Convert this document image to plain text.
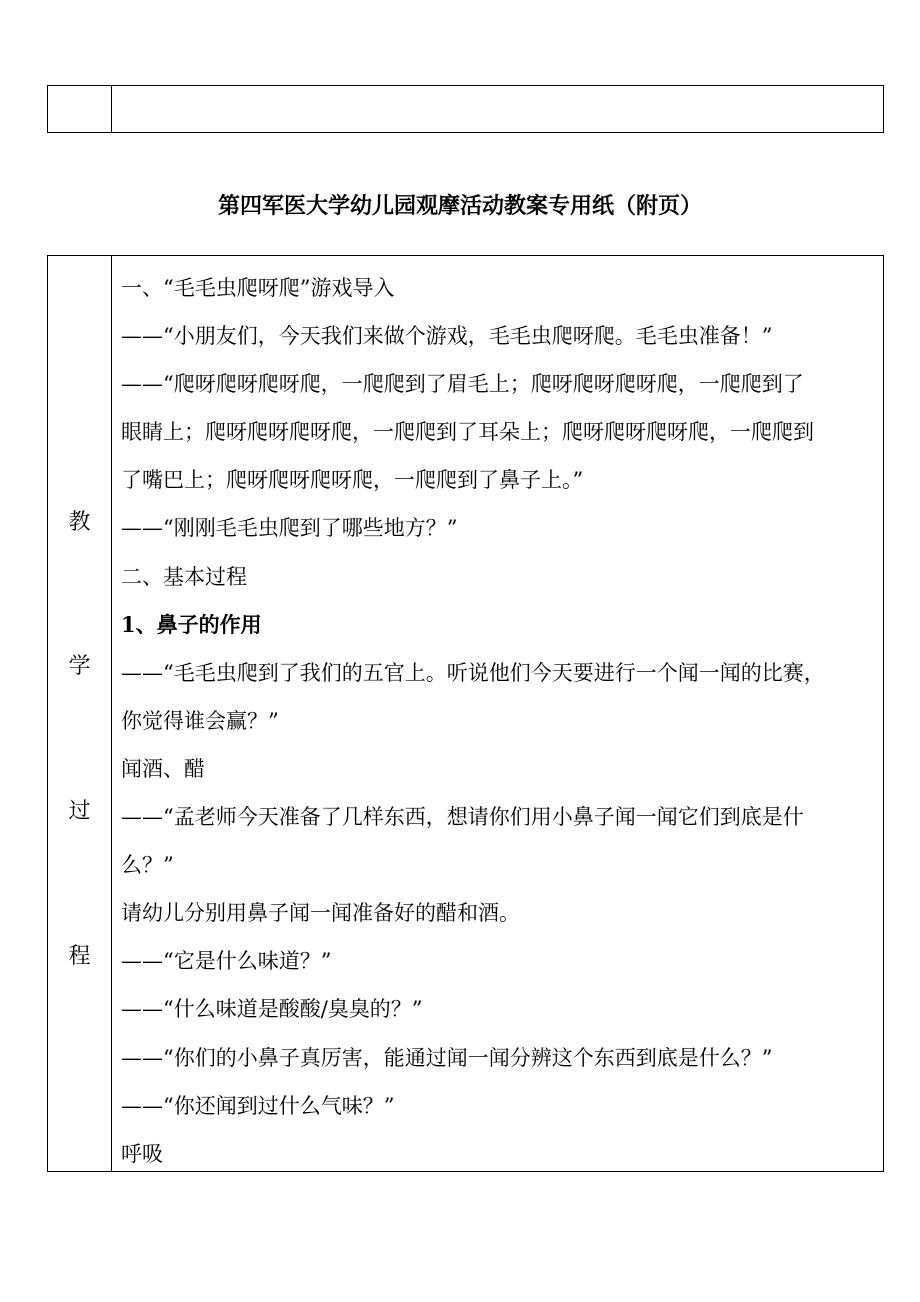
第四军医大学幼儿园观摩活动教案专用纸（附页）
教
学
过
程
一、“毛毛虫爬呀爬”游戏导入
——“小朋友们，今天我们来做个游戏，毛毛虫爬呀爬。毛毛虫准备！”
——“爬呀爬呀爬呀爬，一爬爬到了眉毛上；爬呀爬呀爬呀爬，一爬爬到了
眼睛上；爬呀爬呀爬呀爬，一爬爬到了耳朵上；爬呀爬呀爬呀爬，一爬爬到
了嘴巴上；爬呀爬呀爬呀爬，一爬爬到了鼻子上。”
——“刚刚毛毛虫爬到了哪些地方？”
二、基本过程
1、鼻子的作用
——“毛毛虫爬到了我们的五官上。听说他们今天要进行一个闻一闻的比赛，
你觉得谁会赢？”
闻酒、醋
——“孟老师今天准备了几样东西，想请你们用小鼻子闻一闻它们到底是什
么？”
请幼儿分别用鼻子闻一闻准备好的醋和酒。
——“它是什么味道？”
——“什么味道是酸酸/臭臭的？”
——“你们的小鼻子真厉害，能通过闻一闻分辨这个东西到底是什么？”
——“你还闻到过什么气味？”
呼吸
